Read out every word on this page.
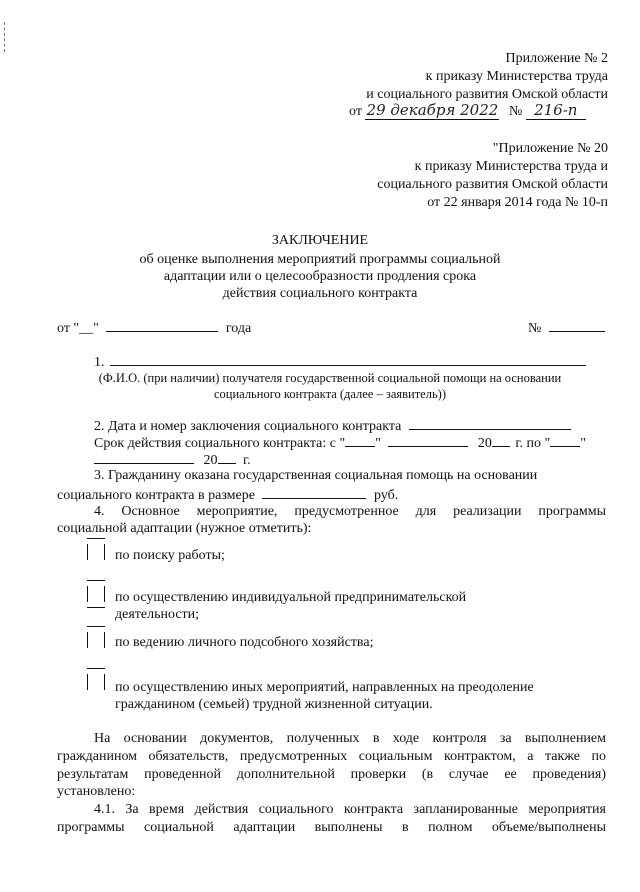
Приложение № 2
к приказу Министерства труда
и социального развития Омской области
от 29 декабря 2022 № 216-п
"Приложение № 20
к приказу Министерства труда и
социального развития Омской области
от 22 января 2014 года № 10-п
ЗАКЛЮЧЕНИЕ
об оценке выполнения мероприятий программы социальной
адаптации или о целесообразности продления срока
действия социального контракта
от "__"	года	№
1.
(Ф.И.О. (при наличии) получателя государственной социальной помощи на основании
социального контракта (далее – заявитель))
2. Дата и номер заключения социального контракта
Срок действия социального контракта: с " "	20 г. по " "
20 г.
3. Гражданину оказана государственная социальная помощь на основании
социального контракта в размере	руб.
4. Основное мероприятие, предусмотренное для реализации программы
социальной адаптации (нужное отметить):
по поиску работы;
по осуществлению индивидуальной предпринимательской
деятельности;
по ведению личного подсобного хозяйства;
по осуществлению иных мероприятий, направленных на преодоление
гражданином (семьей) трудной жизненной ситуации.
На основании документов, полученных в ходе контроля за выполнением
гражданином обязательств, предусмотренных социальным контрактом, а также по
результатам проведенной дополнительной проверки (в случае ее проведения)
установлено:
4.1. За время действия социального контракта запланированные мероприятия
программы социальной адаптации выполнены в полном объеме/выполнены
